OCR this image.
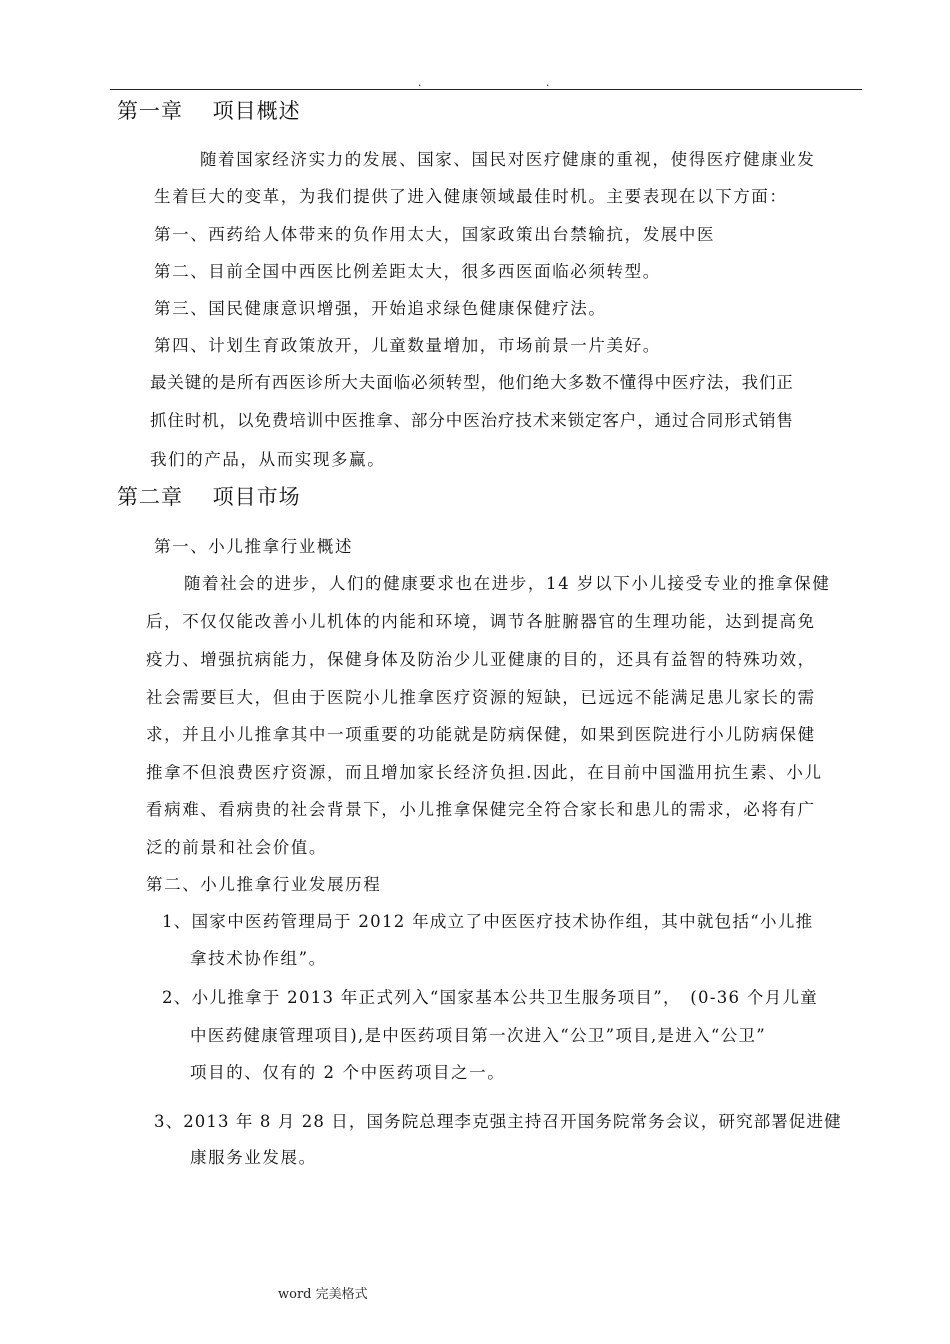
.	.
第一章　 项目概述
随着国家经济实力的发展、国家、国民对医疗健康的重视，使得医疗健康业发
生着巨大的变革，为我们提供了进入健康领域最佳时机。主要表现在以下方面：
第一、西药给人体带来的负作用太大，国家政策出台禁输抗，发展中医
第二、目前全国中西医比例差距太大，很多西医面临必须转型。
第三、国民健康意识增强，开始追求绿色健康保健疗法。
第四、计划生育政策放开，儿童数量增加，市场前景一片美好。
最关键的是所有西医诊所大夫面临必须转型，他们绝大多数不懂得中医疗法，我们正
抓住时机，以免费培训中医推拿、部分中医治疗技术来锁定客户，通过合同形式销售
我们的产品，从而实现多赢。
第二章　 项目市场
第一、小儿推拿行业概述
随着社会的进步，人们的健康要求也在进步，14 岁以下小儿接受专业的推拿保健
后，不仅仅能改善小儿机体的内能和环境，调节各脏腑器官的生理功能，达到提高免
疫力、增强抗病能力，保健身体及防治少儿亚健康的目的，还具有益智的特殊功效，
社会需要巨大，但由于医院小儿推拿医疗资源的短缺，已远远不能满足患儿家长的需
求，并且小儿推拿其中一项重要的功能就是防病保健，如果到医院进行小儿防病保健
推拿不但浪费医疗资源，而且增加家长经济负担.因此，在目前中国滥用抗生素、小儿
看病难、看病贵的社会背景下，小儿推拿保健完全符合家长和患儿的需求，必将有广
泛的前景和社会价值。
第二、小儿推拿行业发展历程
1、国家中医药管理局于 2012 年成立了中医医疗技术协作组，其中就包括“小儿推
拿技术协作组”。
2、小儿推拿于 2013 年正式列入“国家基本公共卫生服务项目”，　(0-36 个月儿童
中医药健康管理项目),是中医药项目第一次进入“公卫”项目,是进入“公卫”
项目的、仅有的 2 个中医药项目之一。
3、2013 年 8 月 28 日，国务院总理李克强主持召开国务院常务会议，研究部署促进健
康服务业发展。
word 完美格式
